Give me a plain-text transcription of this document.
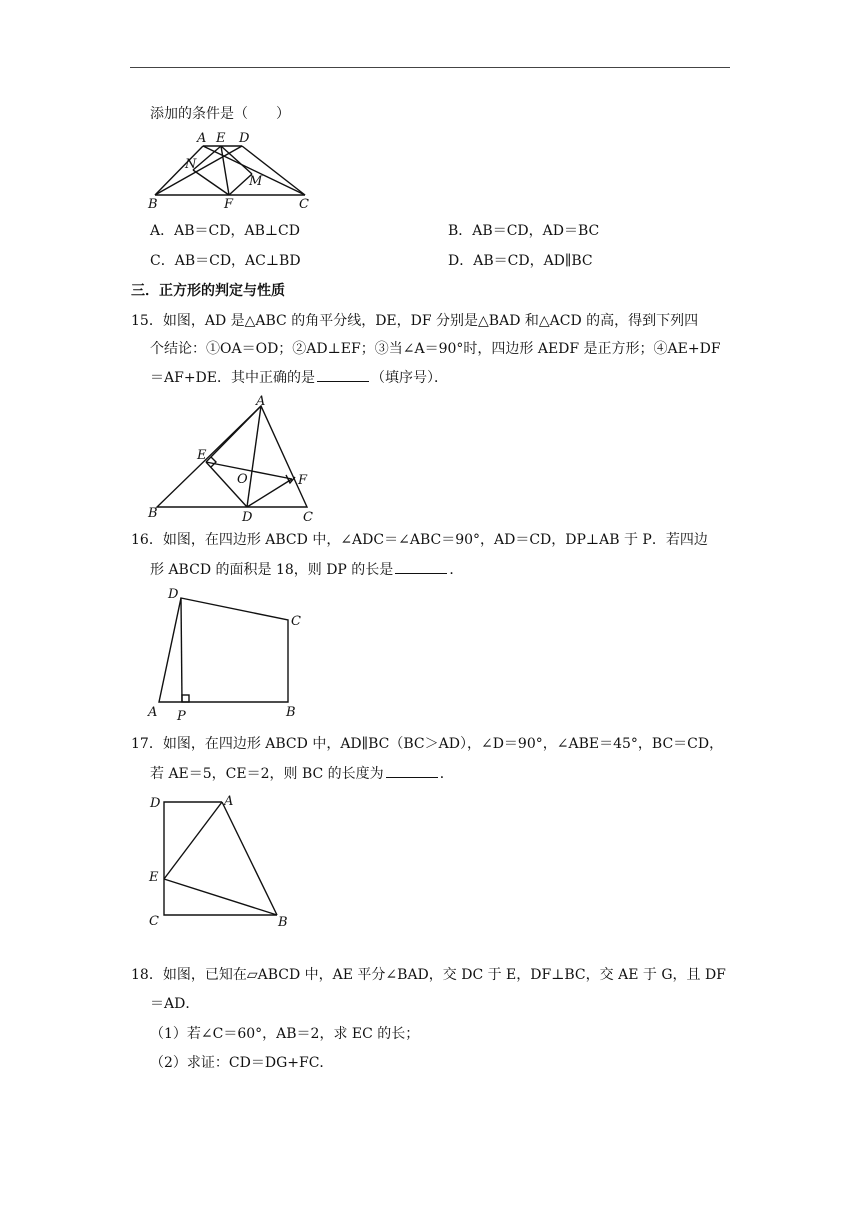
添加的条件是（　　）
A E D
N
M
B	F	C
A．AB＝CD，AB⊥CD	B．AB＝CD，AD＝BC
C．AB＝CD，AC⊥BD	D．AB＝CD，AD∥BC
三．正方形的判定与性质
15．如图，AD 是△ABC 的角平分线，DE，DF 分别是△BAD 和△ACD 的高，得到下列四
个结论：①OA＝OD；②AD⊥EF；③当∠A＝90°时，四边形 AEDF 是正方形；④AE+DF
＝AF+DE．其中正确的是	（填序号）．
A
E
O	F
B	D	C
16．如图，在四边形 ABCD 中，∠ADC＝∠ABC＝90°，AD＝CD，DP⊥AB 于 P．若四边
形 ABCD 的面积是 18，则 DP 的长是	．
D
C
A P	B
17．如图，在四边形 ABCD 中，AD∥BC（BC＞AD），∠D＝90°，∠ABE＝45°，BC＝CD，
若 AE＝5，CE＝2，则 BC 的长度为	．
D	A
E
C	B
18．如图，已知在▱ABCD 中，AE 平分∠BAD，交 DC 于 E，DF⊥BC，交 AE 于 G，且 DF
＝AD．
（1）若∠C＝60°，AB＝2，求 EC 的长；
（2）求证：CD＝DG+FC．
